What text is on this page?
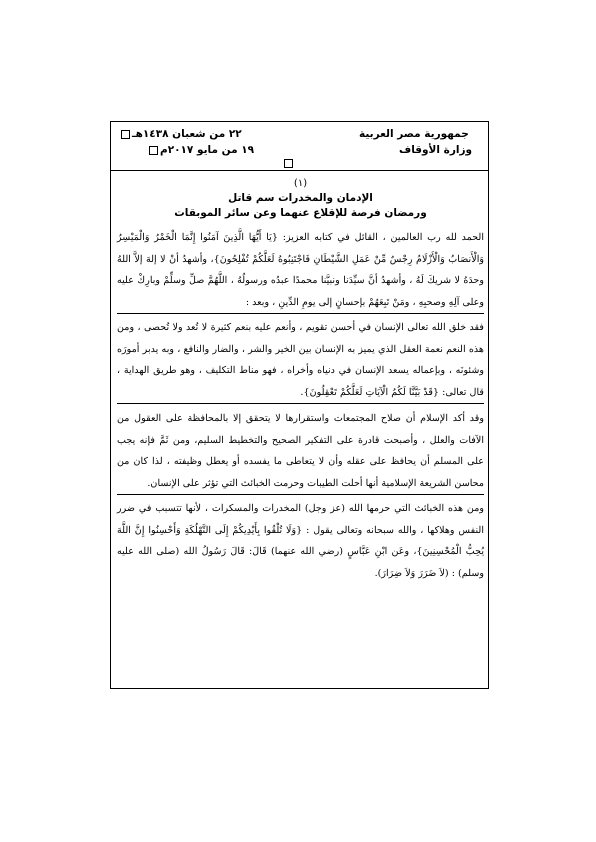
جمهورية مصر العربية
وزارة الأوقاف
٢٢ من شعبان ١٤٣٨هـ
١٩ من مايو ٢٠١٧م
(١)
الإدمان والمخدرات سم قاتل
ورمضان فرصة للإقلاع عنهما وعن سائر الموبقات

الحمد لله رب العالمين ، القائل في كتابه العزيز: {يَا أَيُّهَا الَّذِينَ آمَنُوا إِنَّمَا الْخَمْرُ وَالْمَيْسِرُ وَالْأَنصَابُ وَالْأَزْلَامُ رِجْسٌ مِّنْ عَمَلِ الشَّيْطَانِ فَاجْتَنِبُوهُ لَعَلَّكُمْ تُفْلِحُونَ}، وأشهدُ أنْ لا إلهَ إلاَّ اللهُ وحدَهُ لا شريكَ لَهُ ، وأشهدُ أنَّ سيِّدَنا ونبيَّنا محمدًا عبدُه ورسولُهُ ، اللَّهُمَّ صلِّ وسلِّمْ وبارِكْ عليه وعلى آلِهِ وصحبِهِ ، ومَنْ تَبِعَهُمْ بإحسانٍ إلى يومِ الدِّينِ ، وبعد :

فقد خلق الله تعالى الإنسان في أحسن تقويم ، وأنعم عليه بنعم كثيرة لا تُعد ولا تُحصى ، ومن هذه النعم نعمة العقل الذي يميز به الإنسان بين الخير والشر ، والضار والنافع ، وبه يدبر أمورَه وشئونَه ، وبإعماله يسعد الإنسان في دنياه وأخراه ، فهو مناط التكليف ، وهو طريق الهداية ، قال تعالى: {قَدْ بَيَّنَّا لَكُمُ الْآيَاتِ لَعَلَّكُمْ تَعْقِلُونَ}.

وقد أكد الإسلام أن صلاح المجتمعات واستقرارها لا يتحقق إلا بالمحافظة على العقول من الآفات والعلل ، وأصبحت قادرة على التفكير الصحيح والتخطيط السليم، ومن ثَمَّ فإنه يجب على المسلم أن يحافظ على عقله وأن لا يتعاطى ما يفسده أو يعطل وظيفته ، لذا كان من محاسن الشريعة الإسلامية أنها أحلت الطيبات وحرمت الخبائث التي تؤثر على الإنسان.

ومن هذه الخبائث التي حرمها الله (عز وجل) المخدرات والمسكرات ، لأنها تتسبب في ضرر النفس وهلاكها ، والله سبحانه وتعالى يقول : {وَلَا تُلْقُوا بِأَيْدِيكُمْ إِلَى التَّهْلُكَةِ وَأَحْسِنُوا إِنَّ اللَّهَ يُحِبُّ الْمُحْسِنِينَ}، وعَن ابْنِ عَبَّاسٍ (رضي الله عنهما) قَالَ: قَالَ رَسُولُ الله (صلى الله عليه وسلم) : (لاَ ضَرَرَ وَلاَ ضِرَارَ).
